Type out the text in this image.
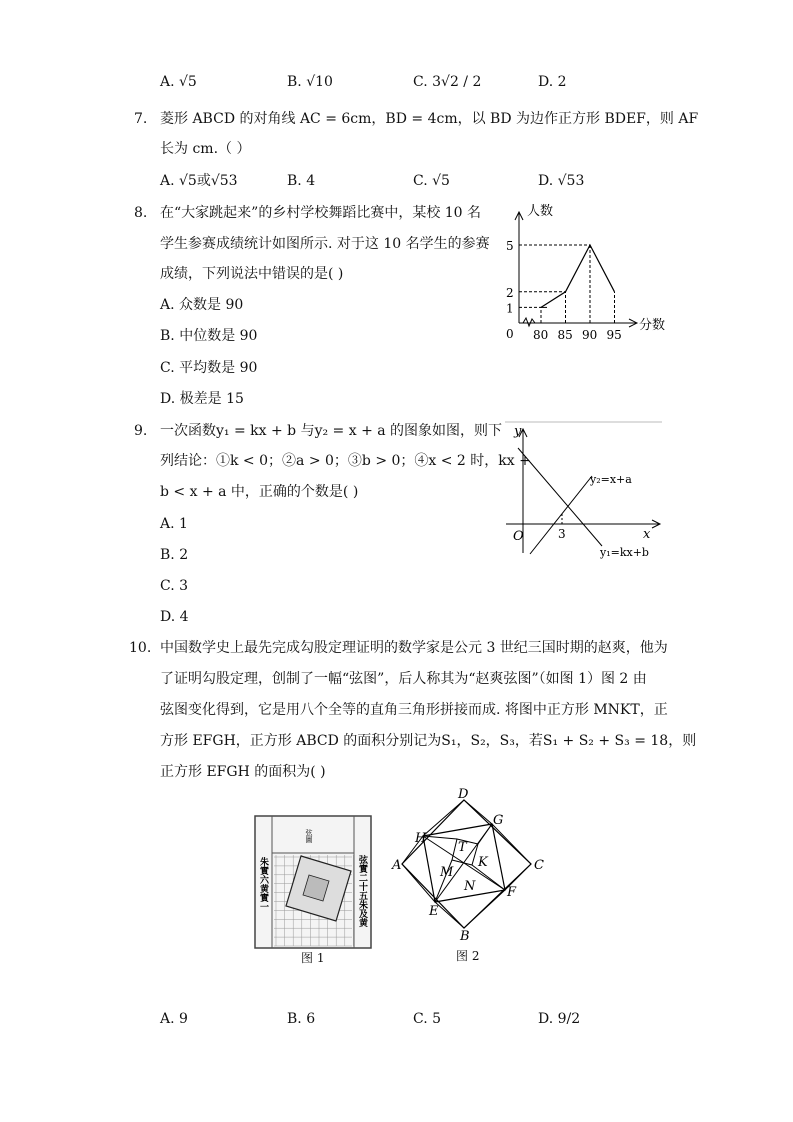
A. √5	B. √10	C. 3√2 / 2	D. 2
7. 菱形 ABCD 的对角线 AC = 6cm，BD = 4cm，以 BD 为边作正方形 BDEF，则 AF
长为 cm.（ ）
A. √5或√53	B. 4	C. √5	D. √53
8. 在“大家跳起来”的乡村学校舞蹈比赛中，某校 10 名
学生参赛成绩统计如图所示. 对于这 10 名学生的参赛
成绩，下列说法中错误的是( )
A. 众数是 90
B. 中位数是 90
C. 平均数是 90
D. 极差是 15
0
人数
分数
80 85 90 95
1
2
5
9. 一次函数y₁ = kx + b 与y₂ = x + a 的图象如图，则下
列结论：①k < 0；②a > 0；③b > 0；④x < 2 时，kx +
b < x + a 中，正确的个数是( )
A. 1
B. 2
C. 3
D. 4
y
x
O	3
y₂=x+a
y₁=kx+b
10. 中国数学史上最先完成勾股定理证明的数学家是公元 3 世纪三国时期的赵爽，他为
了证明勾股定理，创制了一幅“弦图”，后人称其为“赵爽弦图”（如图 1）图 2 由
弦图变化得到，它是用八个全等的直角三角形拼接而成. 将图中正方形 MNKT，正
方形 EFGH，正方形 ABCD 的面积分别记为S₁，S₂，S₃，若S₁ + S₂ + S₃ = 18，则
正方形 EFGH 的面积为( )
弦圖
朱實六黄實一	弦實二十五朱及黄
图 1
D
A	C
B
H
G
F
E
M
N
K
T
图 2
A. 9	B. 6	C. 5	D. 9/2
